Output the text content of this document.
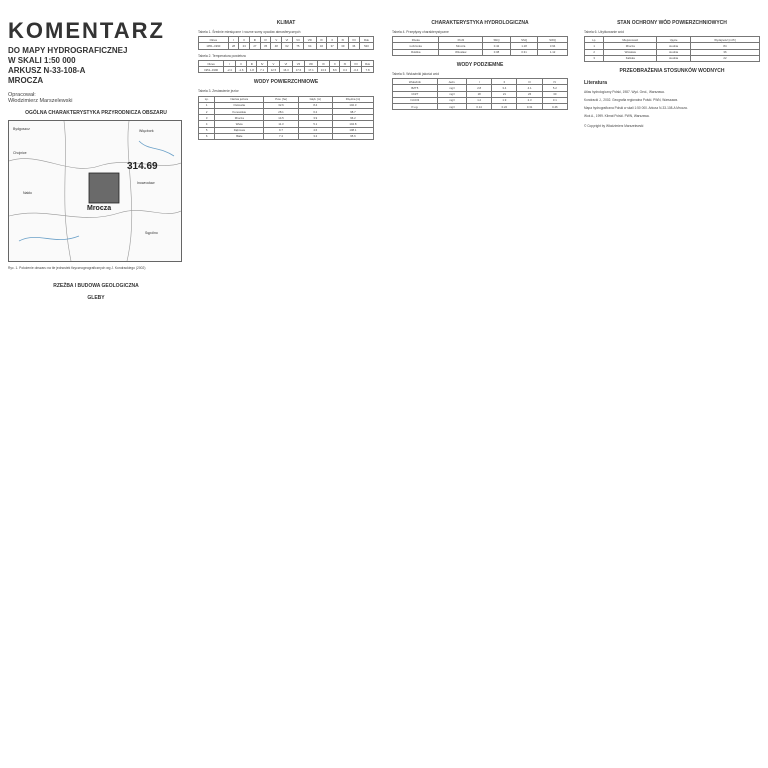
KOMENTARZ
DO MAPY HYDROGRAFICZNEJ
W SKALI 1:50 000
ARKUSZ N-33-108-A
MROCZA
Opracował:
Włodzimierz Marszelewski
OGÓLNA CHARAKTERYSTYKA PRZYRODNICZA OBSZARU
Bydgoszcz
Chojnice
Więcbork
Mrocza
Nakło
Sępólno
Inowrocław
314.69
Ryc. 1. Położenie obszaru na tle jednostek fizycznogeograficznych wg J. Kondrackiego (2002)
RZEŹBA I BUDOWA GEOLOGICZNA
GLEBY
KLIMAT
Tabela 1. Średnie miesięczne i roczne sumy opadów atmosferycznych
Okres	I	II	III	IV	V	VI	VII	VIII	IX	X	XI	XII	Rok
1951–1990	28	23	27	35	48	62	75	64	46	37	39	36	520
Tabela 2. Temperatura powietrza
Okres	I	II	III	IV	V	VI	VII	VIII	IX	X	XI	XII	Rok
1951–1990	-2.4	-1.6	1.8	7.1	12.5	16.3	17.6	17.1	13.3	8.6	3.4	-0.4	7.8
WODY POWIERZCHNIOWE
Tabela 3. Zestawienie jezior
Lp.	Nazwa jeziora	Pow. [ha]	Głęb. [m]	Rzędna [m]
1	Ostrowite	32.6	8.4	102.3
2	Kunowskie	28.1	6.2	98.7
3	Mrocza	14.5	3.9	96.2
4	Wiele	11.3	5.1	104.8
5	Dąbrowa	9.7	4.6	108.1
6	Białe	7.4	3.2	95.6
CHARAKTERYSTYKA HYDROLOGICZNA
Tabela 4. Przepływy charakterystyczne
Rzeka	Profil	SNQ	SSQ	SWQ
Łobżonka	Mrocza	0.42	1.18	3.94
Rokitka	Witosław	0.08	0.31	1.12
WODY PODZIEMNE
Tabela 5. Wskaźniki jakości wód
Wskaźnik	Jedn.	I	II	III	IV
BZT5	mg/l	2.8	3.4	4.1	5.2
ChZT	mg/l	18	21	26	30
N-NO3	mg/l	1.2	1.9	2.3	3.1
P-og.	mg/l	0.14	0.22	0.31	0.46
STAN OCHRONY WÓD POWIERZCHNIOWYCH
Tabela 6. Użytkowanie wód
Lp.	Miejscowość	Ujęcie	Wydajność [m³/h]
1	Mrocza	studnia	84
2	Witosław	studnia	36
3	Kaliska	studnia	22
PRZEOBRAŻENIA STOSUNKÓW WODNYCH
Literatura
Atlas hydrologiczny Polski, 1987. Wyd. Geol., Warszawa.
Kondracki J., 2002. Geografia regionalna Polski. PWN, Warszawa.
Mapa hydrograficzna Polski w skali 1:50 000. Arkusz N-33-108-A Mrocza.
Woś A., 1999. Klimat Polski. PWN, Warszawa.
© Copyright by Włodzimierz Marszelewski
